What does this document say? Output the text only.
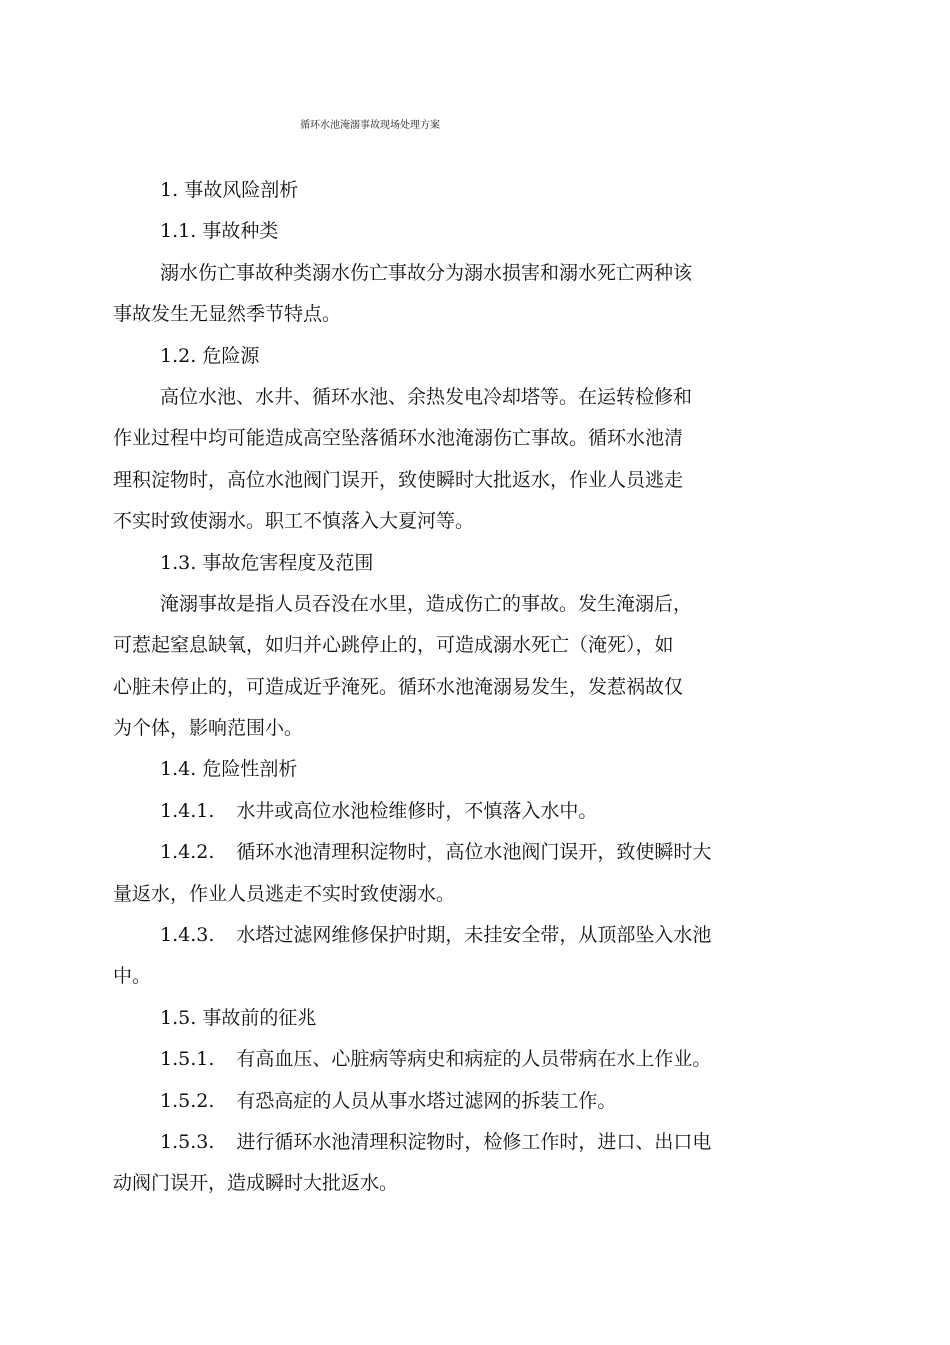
循环水池淹溺事故现场处理方案

1. 事故风险剖析

1.1. 事故种类

溺水伤亡事故种类溺水伤亡事故分为溺水损害和溺水死亡两种该

事故发生无显然季节特点。

1.2. 危险源

高位水池、水井、循环水池、余热发电冷却塔等。在运转检修和

作业过程中均可能造成高空坠落循环水池淹溺伤亡事故。循环水池清

理积淀物时，高位水池阀门误开，致使瞬时大批返水，作业人员逃走

不实时致使溺水。职工不慎落入大夏河等。

1.3. 事故危害程度及范围

淹溺事故是指人员吞没在水里，造成伤亡的事故。发生淹溺后，

可惹起窒息缺氧，如归并心跳停止的，可造成溺水死亡（淹死），如

心脏未停止的，可造成近乎淹死。循环水池淹溺易发生，发惹祸故仅

为个体，影响范围小。

1.4. 危险性剖析

1.4.1. 水井或高位水池检维修时，不慎落入水中。

1.4.2. 循环水池清理积淀物时，高位水池阀门误开，致使瞬时大

量返水，作业人员逃走不实时致使溺水。

1.4.3. 水塔过滤网维修保护时期，未挂安全带，从顶部坠入水池

中。

1.5. 事故前的征兆

1.5.1. 有高血压、心脏病等病史和病症的人员带病在水上作业。

1.5.2. 有恐高症的人员从事水塔过滤网的拆装工作。

1.5.3. 进行循环水池清理积淀物时，检修工作时，进口、出口电

动阀门误开，造成瞬时大批返水。
